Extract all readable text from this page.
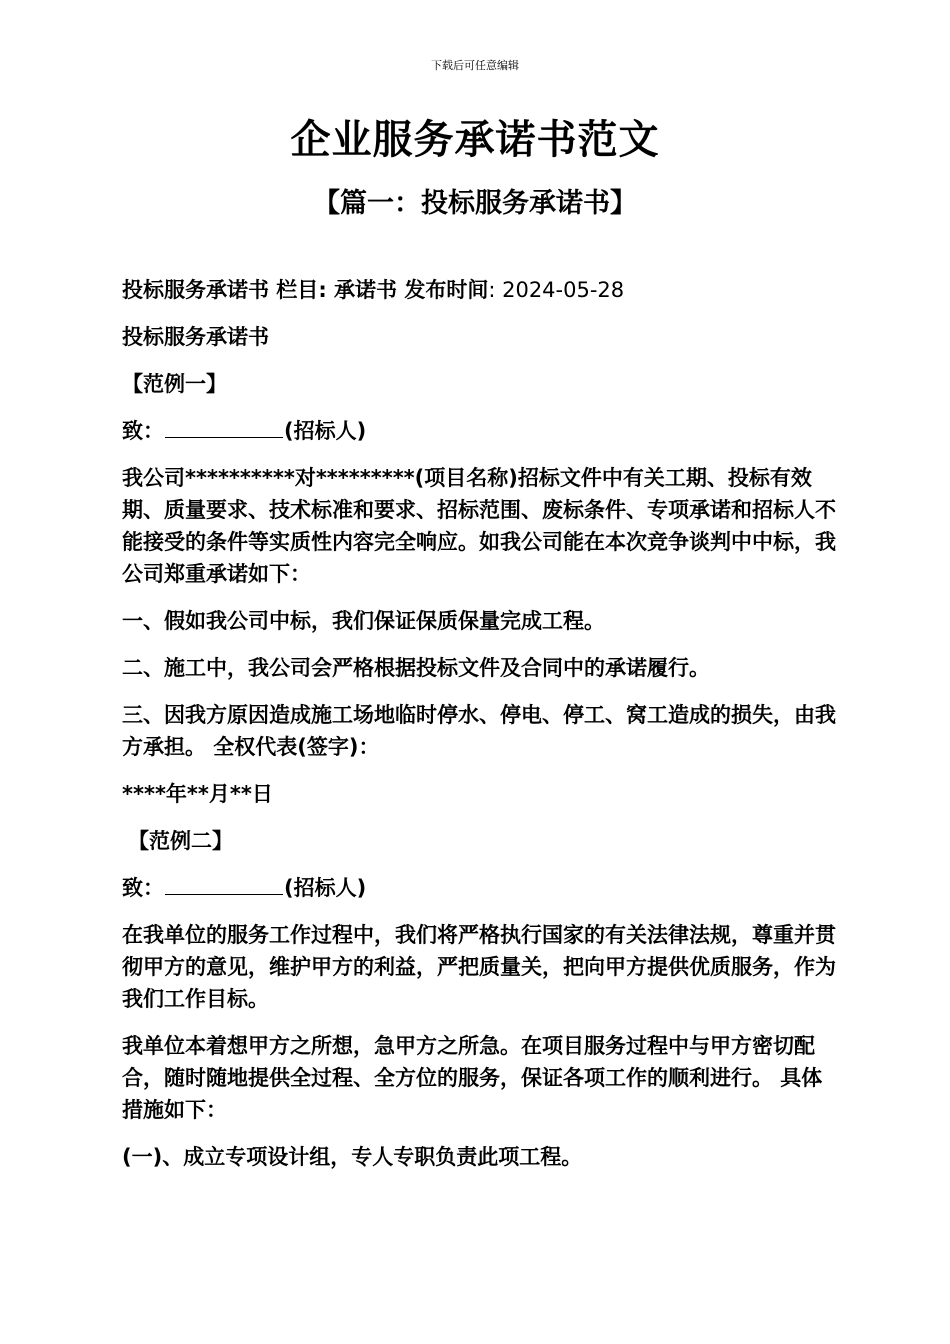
下载后可任意编辑
企业服务承诺书范文
【篇一：投标服务承诺书】

投标服务承诺书 栏目: 承诺书 发布时间: 2024-05-28

投标服务承诺书

【范例一】

致：	(招标人)

我公司**********对*********(项目名称)招标文件中有关工期、投标有效期、质量要求、技术标准和要求、招标范围、废标条件、专项承诺和招标人不能接受的条件等实质性内容完全响应。如我公司能在本次竞争谈判中中标，我公司郑重承诺如下：

一、假如我公司中标，我们保证保质保量完成工程。

二、施工中，我公司会严格根据投标文件及合同中的承诺履行。

三、因我方原因造成施工场地临时停水、停电、停工、窝工造成的损失，由我方承担。 全权代表(签字)：

****年**月**日

【范例二】

致：	(招标人)

在我单位的服务工作过程中，我们将严格执行国家的有关法律法规，尊重并贯彻甲方的意见，维护甲方的利益，严把质量关，把向甲方提供优质服务，作为我们工作目标。

我单位本着想甲方之所想，急甲方之所急。在项目服务过程中与甲方密切配合，随时随地提供全过程、全方位的服务，保证各项工作的顺利进行。 具体措施如下：

(一)、成立专项设计组，专人专职负责此项工程。
